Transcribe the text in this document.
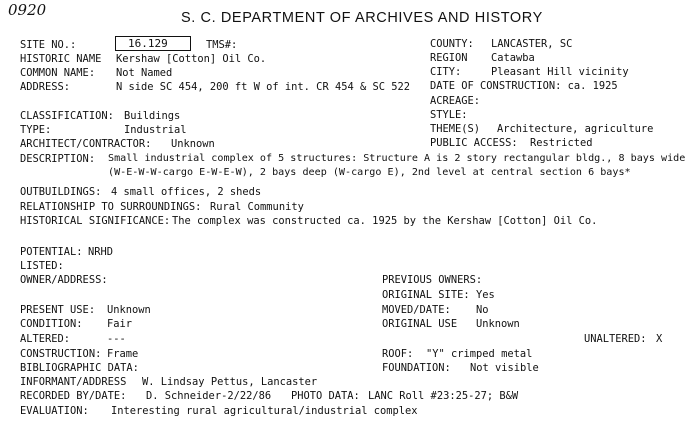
0920	S. C. DEPARTMENT OF ARCHIVES AND HISTORY
SITE NO.:	16.129	TMS#:	COUNTY: LANCASTER, SC
HISTORIC NAME Kershaw [Cotton] Oil Co.	REGION Catawba
COMMON NAME: Not Named	CITY:	Pleasant Hill vicinity
ADDRESS:	N side SC 454, 200 ft W of int. CR 454 & SC 522 DATE OF CONSTRUCTION: ca. 1925
ACREAGE:
CLASSIFICATION: Buildings	STYLE:
TYPE:	Industrial	THEME(S) Architecture, agriculture
ARCHITECT/CONTRACTOR: Unknown	PUBLIC ACCESS: Restricted
DESCRIPTION: Small industrial complex of 5 structures: Structure A is 2 story rectangular bldg., 8 bays wide
(W-E-W-W-cargo E-W-E-W), 2 bays deep (W-cargo E), 2nd level at central section 6 bays*
OUTBUILDINGS: 4 small offices, 2 sheds
RELATIONSHIP TO SURROUNDINGS: Rural Community
HISTORICAL SIGNIFICANCE: The complex was constructed ca. 1925 by the Kershaw [Cotton] Oil Co.
POTENTIAL: NRHD
LISTED:
OWNER/ADDRESS:	PREVIOUS OWNERS:
ORIGINAL SITE: Yes
PRESENT USE: Unknown	MOVED/DATE: No
CONDITION: Fair	ORIGINAL USE Unknown
ALTERED:	---	UNALTERED: X
CONSTRUCTION: Frame	ROOF: "Y" crimped metal
BIBLIOGRAPHIC DATA:	FOUNDATION: Not visible
INFORMANT/ADDRESS W. Lindsay Pettus, Lancaster
RECORDED BY/DATE: D. Schneider-2/22/86 PHOTO DATA: LANC Roll #23:25-27; B&W
EVALUATION: Interesting rural agricultural/industrial complex
